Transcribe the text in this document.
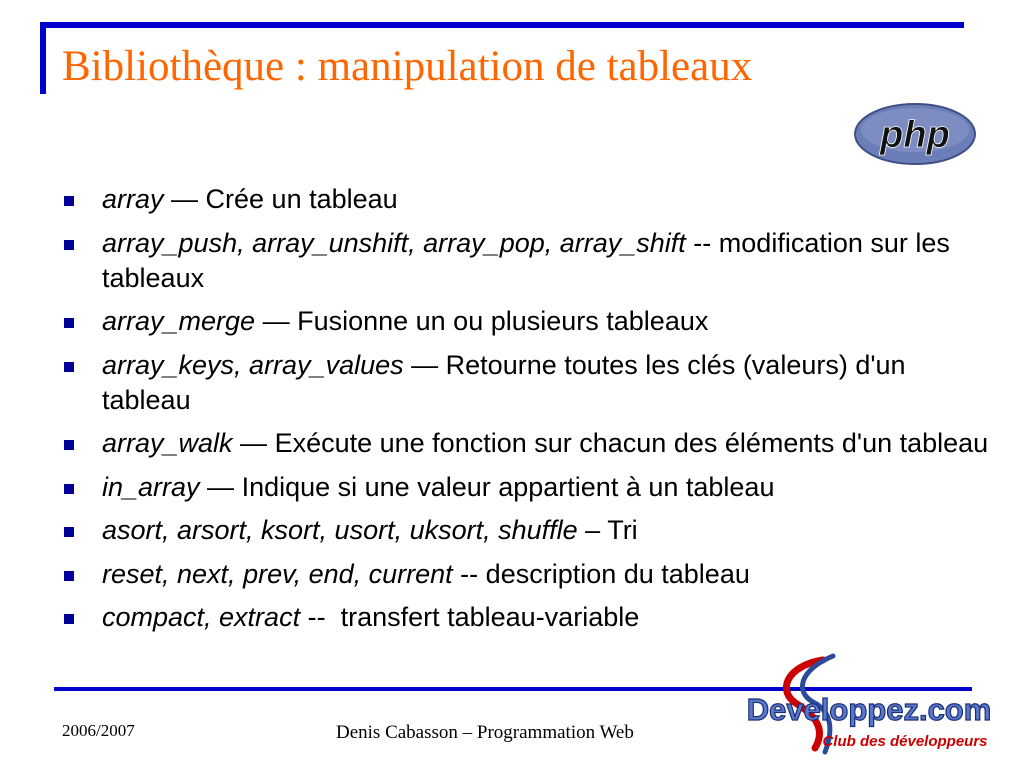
Bibliothèque : manipulation de tableaux
php
array — Crée un tableau
array_push, array_unshift, array_pop, array_shift -- modification sur les tableaux
array_merge — Fusionne un ou plusieurs tableaux
array_keys, array_values — Retourne toutes les clés (valeurs) d'un tableau
array_walk — Exécute une fonction sur chacun des éléments d'un tableau
in_array — Indique si une valeur appartient à un tableau
asort, arsort, ksort, usort, uksort, shuffle – Tri
reset, next, prev, end, current -- description du tableau
compact, extract --  transfert tableau-variable
2006/2007	Denis Cabasson – Programmation Web
Developpez.com
Club des développeurs
